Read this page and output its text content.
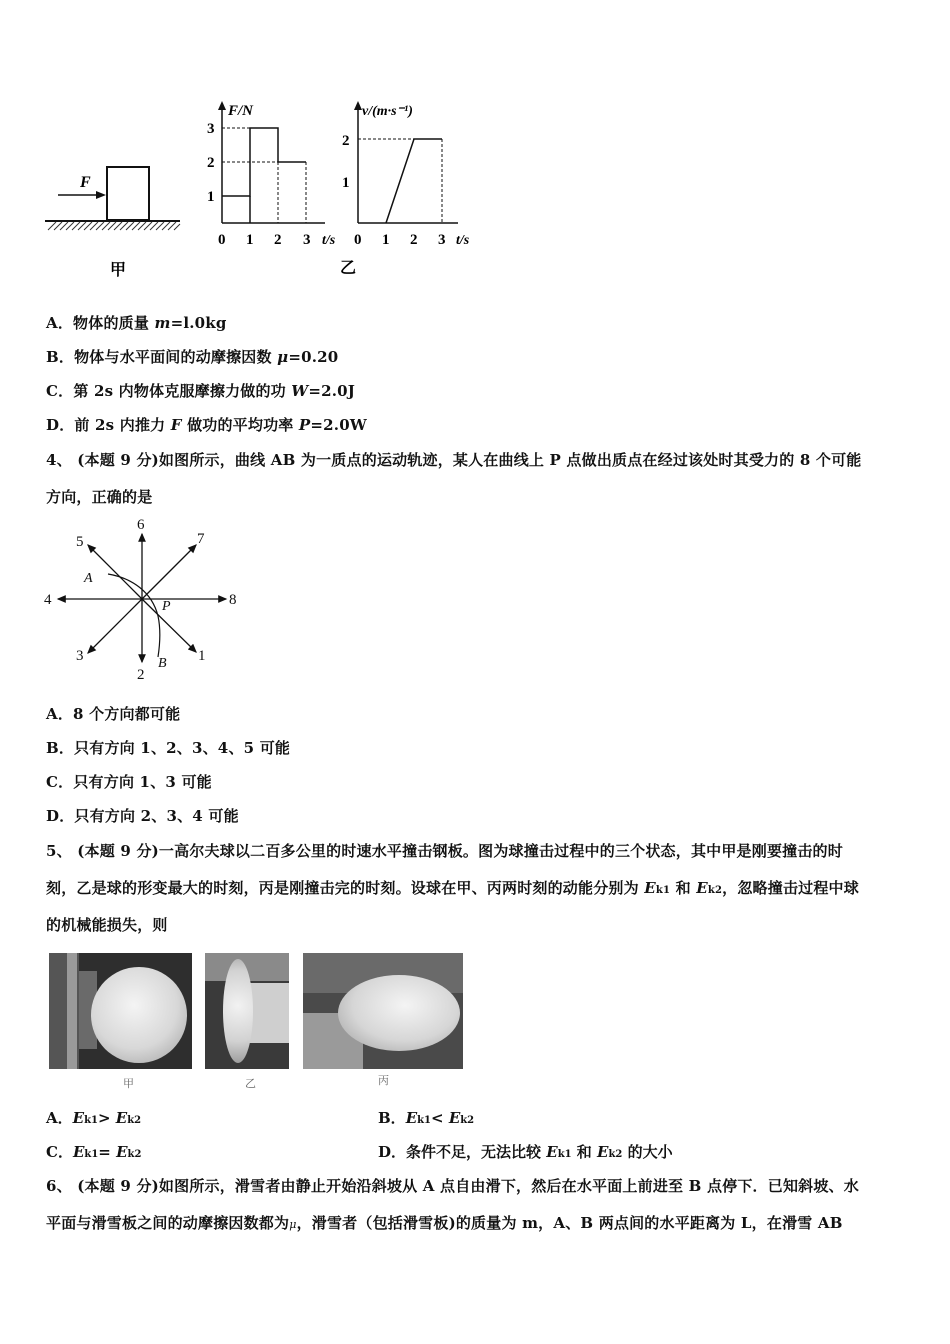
F
甲
F/N
3
2
1
0 1 2 3 t/s
v/(m·s⁻¹)
2
1
0 1 2 3 t/s
乙
A．物体的质量 m=l.0kg
B．物体与水平面间的动摩擦因数 μ=0.20
C．第 2s 内物体克服摩擦力做的功 W=2.0J
D．前 2s 内推力 F 做功的平均功率 P=2.0W
4、 (本题 9 分)如图所示，曲线 AB 为一质点的运动轨迹，某人在曲线上 P 点做出质点在经过该处时其受力的 8 个可能
方向，正确的是
1
2
3
4
5
6
7
8
A
P
B
A．8 个方向都可能
B．只有方向 1、2、3、4、5 可能
C．只有方向 1、3 可能
D．只有方向 2、3、4 可能
5、 (本题 9 分)一高尔夫球以二百多公里的时速水平撞击钢板。图为球撞击过程中的三个状态，其中甲是刚要撞击的时
刻，乙是球的形变最大的时刻，丙是刚撞击完的时刻。设球在甲、丙两时刻的动能分别为 Ek1 和 Ek2，忽略撞击过程中球
的机械能损失，则
甲	乙	丙
A．Ek1> Ek2	B．Ek1< Ek2
C．Ek1= Ek2	D．条件不足，无法比较 Ek1 和 Ek2 的大小
6、 (本题 9 分)如图所示，滑雪者由静止开始沿斜坡从 A 点自由滑下，然后在水平面上前进至 B 点停下．已知斜坡、水
平面与滑雪板之间的动摩擦因数都为μ，滑雪者（包括滑雪板)的质量为 m，A、B 两点间的水平距离为 L，在滑雪 AB
